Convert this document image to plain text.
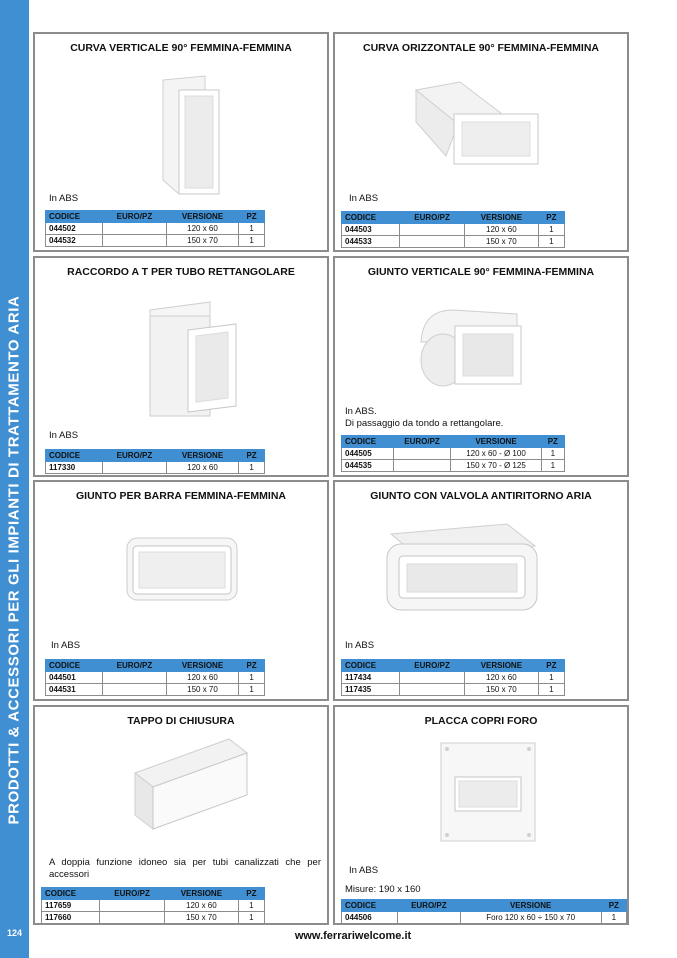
PRODOTTI & ACCESSORI PER GLI IMPIANTI DI TRATTAMENTO ARIA
124
CURVA VERTICALE 90° FEMMINA-FEMMINA
In ABS
CODICE	EURO/PZ	VERSIONE	PZ
044502		120 x 60	1
044532		150 x 70	1
CURVA ORIZZONTALE 90° FEMMINA-FEMMINA
In ABS
CODICE	EURO/PZ	VERSIONE	PZ
044503		120 x 60	1
044533		150 x 70	1
RACCORDO A T PER TUBO RETTANGOLARE
In ABS
CODICE	EURO/PZ	VERSIONE	PZ
117330		120 x 60	1
GIUNTO VERTICALE 90° FEMMINA-FEMMINA
In ABS.
Di passaggio da tondo a rettangolare.
CODICE	EURO/PZ	VERSIONE	PZ
044505		120 x 60 - Ø 100	1
044535		150 x 70 - Ø 125	1
GIUNTO PER BARRA FEMMINA-FEMMINA
In ABS
CODICE	EURO/PZ	VERSIONE	PZ
044501		120 x 60	1
044531		150 x 70	1
GIUNTO CON VALVOLA ANTIRITORNO ARIA
In ABS
CODICE	EURO/PZ	VERSIONE	PZ
117434		120 x 60	1
117435		150 x 70	1
TAPPO DI CHIUSURA
A doppia funzione idoneo sia per tubi canalizzati che per accessori
CODICE	EURO/PZ	VERSIONE	PZ
117659		120 x 60	1
117660		150 x 70	1
PLACCA COPRI FORO
In ABS
Misure: 190 x 160
CODICE	EURO/PZ	VERSIONE	PZ
044506		Foro 120 x 60 ÷ 150 x 70	1
www.ferrariwelcome.it
